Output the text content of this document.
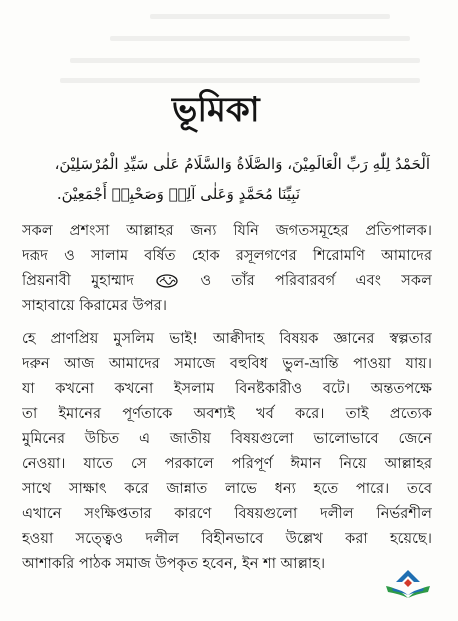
ভূমিকা

اَلْحَمْدُ لِلّٰهِ رَبِّ الْعَالَمِيْنَ، وَالصَّلَاةُ وَالسَّلَامُ عَلٰى سَيِّدِ الْمُرْسَلِيْنَ،

نَبِيِّنَا مُحَمَّدٍ وَعَلٰى آلِهٖ وَصَحْبِهٖ أَجْمَعِيْنَ.

সকল প্রশংসা আল্লাহর জন্য যিনি জগতসমূহের প্রতিপালক।
দরূদ ও সালাম বর্ষিত হোক রসূলগণের শিরোমণি আমাদের
প্রিয়নাবী মুহাম্মাদ	ও তাঁর পরিবারবর্গ এবং সকল
সাহাবায়ে কিরামের উপর।
হে প্রাণপ্রিয় মুসলিম ভাই! আক্বীদাহ বিষয়ক জ্ঞানের স্বল্পতার
দরুন আজ আমাদের সমাজে বহুবিধ ভুল-ভ্রান্তি পাওয়া যায়।
যা কখনো কখনো ইসলাম বিনষ্টকারীও বটে। অন্ততপক্ষে
তা ইমানের পূর্ণতাকে অবশ্যই খর্ব করে। তাই প্রত্যেক
মুমিনের উচিত এ জাতীয় বিষয়গুলো ভালোভাবে জেনে
নেওয়া। যাতে সে পরকালে পরিপূর্ণ ঈমান নিয়ে আল্লাহর
সাথে সাক্ষাৎ করে জান্নাত লাভে ধন্য হতে পারে। তবে
এখানে সংক্ষিপ্ততার কারণে বিষয়গুলো দলীল নির্ভরশীল
হওয়া সত্ত্বেও দলীল বিহীনভাবে উল্লেখ করা হয়েছে।
আশাকরি পাঠক সমাজ উপকৃত হবেন, ইন শা আল্লাহ।
